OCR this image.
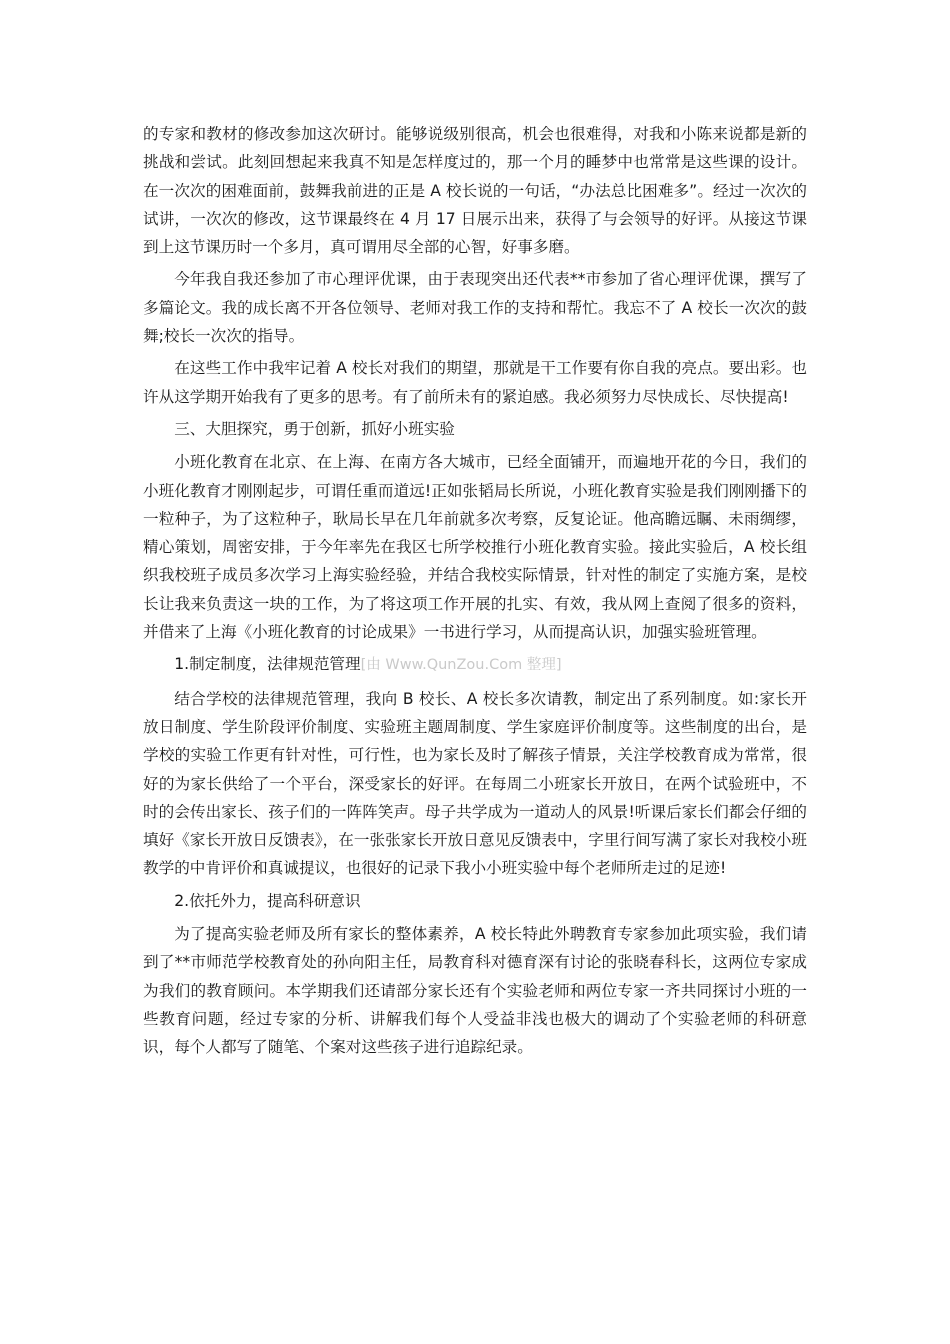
的专家和教材的修改参加这次研讨。能够说级别很高，机会也很难得，对我和小陈来说都是新的挑战和尝试。此刻回想起来我真不知是怎样度过的，那一个月的睡梦中也常常是这些课的设计。在一次次的困难面前，鼓舞我前进的正是 A 校长说的一句话，“办法总比困难多”。经过一次次的试讲，一次次的修改，这节课最终在 4 月 17 日展示出来，获得了与会领导的好评。从接这节课到上这节课历时一个多月，真可谓用尽全部的心智，好事多磨。

今年我自我还参加了市心理评优课，由于表现突出还代表**市参加了省心理评优课，撰写了多篇论文。我的成长离不开各位领导、老师对我工作的支持和帮忙。我忘不了 A 校长一次次的鼓舞;校长一次次的指导。

在这些工作中我牢记着 A 校长对我们的期望，那就是干工作要有你自我的亮点。要出彩。也许从这学期开始我有了更多的思考。有了前所未有的紧迫感。我必须努力尽快成长、尽快提高!

三、大胆探究，勇于创新，抓好小班实验

小班化教育在北京、在上海、在南方各大城市，已经全面铺开，而遍地开花的今日，我们的小班化教育才刚刚起步，可谓任重而道远!正如张韬局长所说，小班化教育实验是我们刚刚播下的一粒种子，为了这粒种子，耿局长早在几年前就多次考察，反复论证。他高瞻远瞩、未雨绸缪，精心策划，周密安排，于今年率先在我区七所学校推行小班化教育实验。接此实验后，A 校长组织我校班子成员多次学习上海实验经验，并结合我校实际情景，针对性的制定了实施方案，是校长让我来负责这一块的工作，为了将这项工作开展的扎实、有效，我从网上查阅了很多的资料，并借来了上海《小班化教育的讨论成果》一书进行学习，从而提高认识，加强实验班管理。

1.制定制度，法律规范管理[由 Www.QunZou.Com 整理]

结合学校的法律规范管理，我向 B 校长、A 校长多次请教，制定出了系列制度。如:家长开放日制度、学生阶段评价制度、实验班主题周制度、学生家庭评价制度等。这些制度的出台，是学校的实验工作更有针对性，可行性，也为家长及时了解孩子情景，关注学校教育成为常常，很好的为家长供给了一个平台，深受家长的好评。在每周二小班家长开放日，在两个试验班中，不时的会传出家长、孩子们的一阵阵笑声。母子共学成为一道动人的风景!听课后家长们都会仔细的填好《家长开放日反馈表》，在一张张家长开放日意见反馈表中，字里行间写满了家长对我校小班教学的中肯评价和真诚提议，也很好的记录下我小小班实验中每个老师所走过的足迹!

2.依托外力，提高科研意识

为了提高实验老师及所有家长的整体素养，A 校长特此外聘教育专家参加此项实验，我们请到了**市师范学校教育处的孙向阳主任，局教育科对德育深有讨论的张晓春科长，这两位专家成为我们的教育顾问。本学期我们还请部分家长还有个实验老师和两位专家一齐共同探讨小班的一些教育问题，经过专家的分析、讲解我们每个人受益非浅也极大的调动了个实验老师的科研意识，每个人都写了随笔、个案对这些孩子进行追踪纪录。
